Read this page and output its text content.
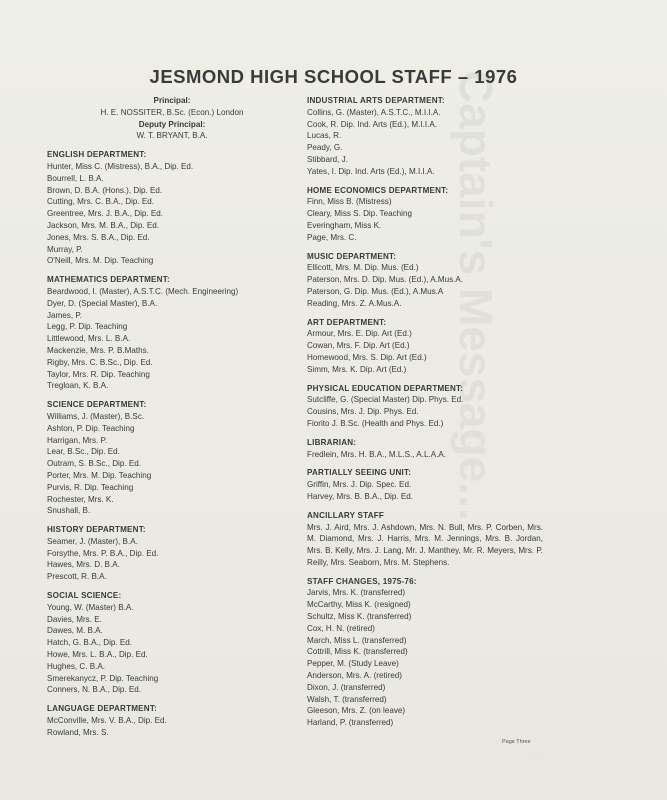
Captain's Message...
JESMOND HIGH SCHOOL STAFF – 1976
Principal:
H. E. NOSSITER, B.Sc. (Econ.) London
Deputy Principal:
W. T. BRYANT, B.A.
ENGLISH DEPARTMENT:
Hunter, Miss C. (Mistress), B.A., Dip. Ed.
Bourrell, L. B.A.
Brown, D. B.A. (Hons.), Dip. Ed.
Cutting, Mrs. C. B.A., Dip. Ed.
Greentree, Mrs. J. B.A., Dip. Ed.
Jackson, Mrs. M. B.A., Dip. Ed.
Jones, Mrs. S. B.A., Dip. Ed.
Murray, P.
O'Neill, Mrs. M. Dip. Teaching
MATHEMATICS DEPARTMENT:
Beardwood, I. (Master), A.S.T.C. (Mech. Engineering)
Dyer, D. (Special Master), B.A.
James, P.
Legg, P. Dip. Teaching
Littlewood, Mrs. L. B.A.
Mackenzie, Mrs. P. B.Maths.
Rigby, Mrs. C. B.Sc., Dip. Ed.
Taylor, Mrs. R. Dip. Teaching
Tregloan, K. B.A.
SCIENCE DEPARTMENT:
Williams, J. (Master), B.Sc.
Ashton, P. Dip. Teaching
Harrigan, Mrs. P.
Lear, B.Sc., Dip. Ed.
Outram, S. B.Sc., Dip. Ed.
Porter, Mrs. M. Dip. Teaching
Purvis, R. Dip. Teaching
Rochester, Mrs. K.
Snushall, B.
HISTORY DEPARTMENT:
Seamer, J. (Master), B.A.
Forsythe, Mrs. P. B.A., Dip. Ed.
Hawes, Mrs. D. B.A.
Prescott, R. B.A.
SOCIAL SCIENCE:
Young, W. (Master) B.A.
Davies, Mrs. E.
Dawes, M. B.A.
Hatch, G. B.A., Dip. Ed.
Howe, Mrs. L. B.A., Dip. Ed.
Hughes, C. B.A.
Smerekanycz, P. Dip. Teaching
Conners, N. B.A., Dip. Ed.
LANGUAGE DEPARTMENT:
McConville, Mrs. V. B.A., Dip. Ed.
Rowland, Mrs. S.
INDUSTRIAL ARTS DEPARTMENT:
Collins, G. (Master), A.S.T.C., M.I.I.A.
Cook, R. Dip. Ind. Arts (Ed.), M.I.I.A.
Lucas, R.
Peady, G.
Stibbard, J.
Yates, I. Dip. Ind. Arts (Ed.), M.I.I.A.
HOME ECONOMICS DEPARTMENT:
Finn, Miss B. (Mistress)
Cleary, Miss S. Dip. Teaching
Everingham, Miss K.
Page, Mrs. C.
MUSIC DEPARTMENT:
Ellicott, Mrs. M. Dip. Mus. (Ed.)
Paterson, Mrs. D. Dip. Mus. (Ed.), A.Mus.A.
Paterson, G. Dip. Mus. (Ed.), A.Mus.A
Reading, Mrs. Z. A.Mus.A.
ART DEPARTMENT:
Armour, Mrs. E. Dip. Art (Ed.)
Cowan, Mrs. F. Dip. Art (Ed.)
Homewood, Mrs. S. Dip. Art (Ed.)
Simm, Mrs. K. Dip. Art (Ed.)
PHYSICAL EDUCATION DEPARTMENT:
Sutcliffe, G. (Special Master) Dip. Phys. Ed.
Cousins, Mrs. J. Dip. Phys. Ed.
Fiorito J. B.Sc. (Health and Phys. Ed.)
LIBRARIAN:
Fredlein, Mrs. H. B.A., M.L.S., A.L.A.A.
PARTIALLY SEEING UNIT:
Griffin, Mrs. J. Dip. Spec. Ed.
Harvey, Mrs. B. B.A., Dip. Ed.
ANCILLARY STAFF
Mrs. J. Aird, Mrs. J. Ashdown, Mrs. N. Bull, Mrs. P. Corben, Mrs. M. Diamond, Mrs. J. Harris, Mrs. M. Jennings, Mrs. B. Jordan, Mrs. B. Kelly, Mrs. J. Lang, Mr. J. Manthey, Mr. R. Meyers, Mrs. P. Reilly, Mrs. Seaborn, Mrs. M. Stephens.
STAFF CHANGES, 1975-76:
Jarvis, Mrs. K. (transferred)
McCarthy, Miss K. (resigned)
Schultz, Miss K. (transferred)
Cox, H. N. (retired)
March, Miss L. (transferred)
Cottrill, Miss K. (transferred)
Pepper, M. (Study Leave)
Anderson, Mrs. A. (retired)
Dixon, J. (transferred)
Walsh, T. (transferred)
Gleeson, Mrs. Z. (on leave)
Harland, P. (transferred)
Page Three
·  ·
